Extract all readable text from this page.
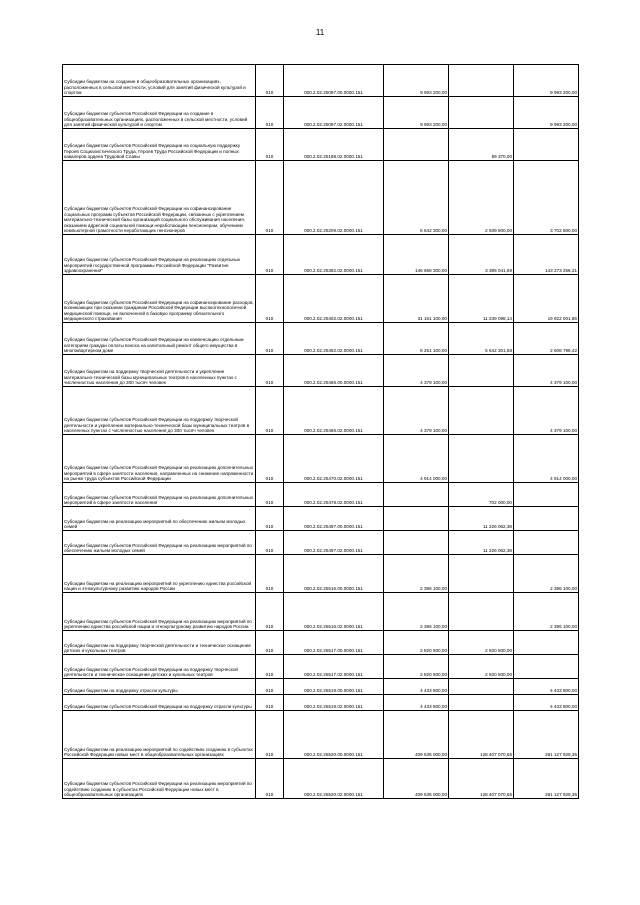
11
Субсидии бюджетам на создание в общеобразовательных организациях, расположенных в сельской местности, условий для занятий физической культурой и спортом	010	000.2.02.25097.00.0000.151	9 993 200,00		9 993 200,00
Субсидии бюджетам субъектов Российской Федерации на создание в общеобразовательных организациях, расположенных в сельской местности, условий для занятий физической культурой и спортом	010	000.2.02.25097.02.0000.151	9 993 200,00		9 993 200,00
Субсидии бюджетам субъектов Российской Федерации на социальную поддержку Героев Социалистического Труда, Героев Труда Российской Федерации и полных кавалеров ордена Трудовой Славы	010	000.2.02.25198.02.0000.151		59 370,00	
Субсидии бюджетам субъектов Российской Федерации на софинансирование социальных программ субъектов Российской Федерации, связанных с укреплением материально-технической базы организаций социального обслуживания населения, оказанием адресной социальной помощи неработающим пенсионерам, обучением компьютерной грамотности неработающих пенсионеров	010	000.2.02.25209.02.0000.151	6 642 300,00	2 939 500,00	3 702 800,00
Субсидии бюджетам субъектов Российской Федерации на реализацию отдельных мероприятий государственной программы Российской Федерации "Развитие здравоохранения"	010	000.2.02.25382.02.0000.151	146 658 300,00	3 385 041,69	143 273 258,31
Субсидии бюджетам субъектов Российской Федерации на софинансирование расходов, возникающих при оказании гражданам Российской Федерации высокотехнологичной медицинской помощи, не включенной в базовую программу обязательного медицинского страхования	010	000.2.02.25402.02.0000.151	31 161 100,00	11 239 098,14	19 922 001,86
Субсидии бюджетам субъектов Российской Федерации на компенсацию отдельным категориям граждан оплаты взноса на капитальный ремонт общего имущества в многоквартирном доме	010	000.2.02.25462.02.0000.151	8 251 100,00	5 642 301,58	2 608 798,42
Субсидии бюджетам на поддержку творческой деятельности и укрепление материально-технической базы муниципальных театров в населенных пунктах с численностью населения до 300 тысяч человек	010	000.2.02.25466.00.0000.151	4 379 100,00		4 379 100,00
Субсидии бюджетам субъектов Российской Федерации на поддержку творческой деятельности и укрепление материально-технической базы муниципальных театров в населенных пунктах с численностью населения до 300 тысяч человек	010	000.2.02.25466.02.0000.151	4 379 100,00		4 379 100,00
Субсидии бюджетам субъектов Российской Федерации на реализацию дополнительных мероприятий в сфере занятости населения, направленных на снижение напряженности на рынке труда субъектов Российской Федерации	010	000.2.02.25470.02.0000.151	4 914 000,00		4 914 000,00
Субсидии бюджетам субъектов Российской Федерации на реализацию дополнительных мероприятий в сфере занятости населения	010	000.2.02.25478.02.0000.151		702 000,00	
Субсидии бюджетам на реализацию мероприятий по обеспечению жильем молодых семей	010	000.2.02.25497.00.0000.151		11 226 062,38	
Субсидии бюджетам субъектов Российской Федерации на реализацию мероприятий по обеспечению жильем молодых семей	010	000.2.02.25497.02.0000.151		11 226 062,38	
Субсидии бюджетам на реализацию мероприятий по укреплению единства российской нации и этнокультурному развитию народов России	010	000.2.02.25516.00.0000.151	2 396 100,00		2 396 100,00
Субсидии бюджетам субъектов Российской Федерации на реализацию мероприятий по укреплению единства российской нации и этнокультурному развитию народов России	010	000.2.02.25516.02.0000.151	2 396 100,00		2 396 100,00
Субсидии бюджетам на поддержку творческой деятельности и техническое оснащение детских и кукольных театров	010	000.2.02.25517.00.0000.151	2 820 500,00	2 820 500,00	
Субсидии бюджетам субъектов Российской Федерации на поддержку творческой деятельности и техническое оснащение детских и кукольных театров	010	000.2.02.25517.02.0000.151	2 820 500,00	2 820 500,00	
Субсидии бюджетам на поддержку отрасли культуры	010	000.2.02.25519.00.0000.151	4 433 800,00		4 433 800,00
Субсидии бюджетам субъектов Российской Федерации на поддержку отрасли культуры	010	000.2.02.25519.02.0000.151	4 433 800,00		4 433 800,00
Субсидии бюджетам на реализацию мероприятий по содействию созданию в субъектах Российской Федерации новых мест в общеобразовательных организациях	010	000.2.02.25520.00.0000.151	409 535 000,00	128 407 070,65	281 127 929,35
Субсидии бюджетам субъектов Российской Федерации на реализацию мероприятий по содействию созданию в субъектах Российской Федерации новых мест в общеобразовательных организациях	010	000.2.02.25520.02.0000.151	409 535 000,00	128 407 070,65	281 127 929,35
